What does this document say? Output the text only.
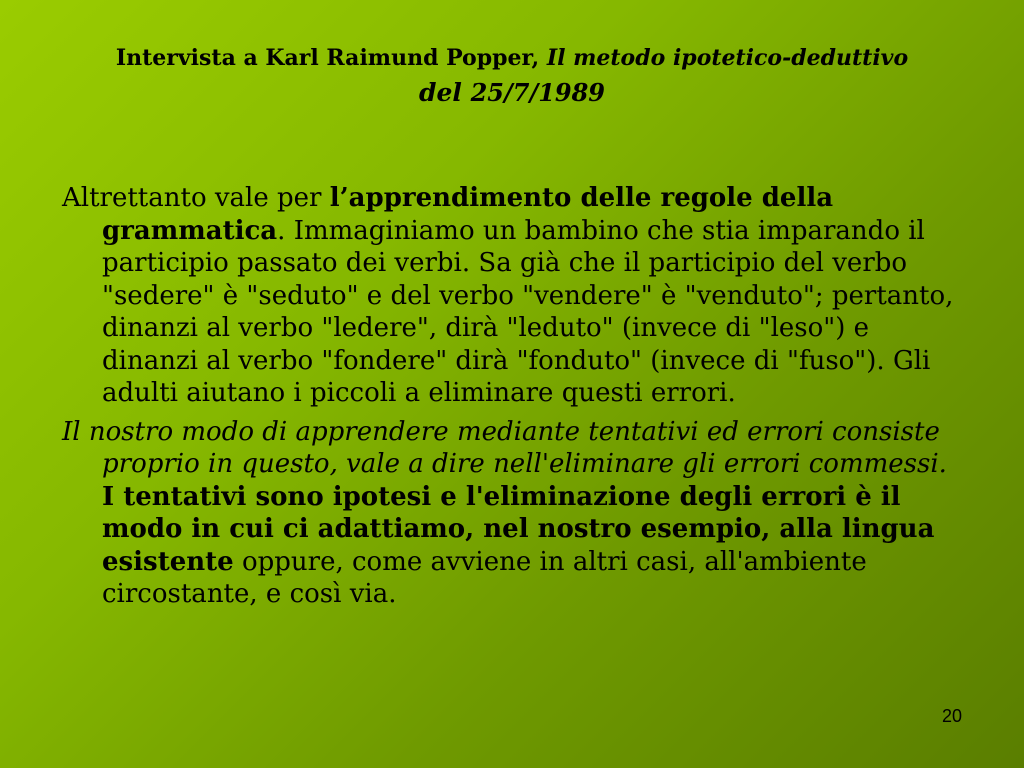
Intervista a Karl Raimund Popper, Il metodo ipotetico-deduttivo
del 25/7/1989

Altrettanto vale per l’apprendimento delle regole della grammatica. Immaginiamo un bambino che stia imparando il participio passato dei verbi. Sa già che il participio del verbo "sedere" è "seduto" e del verbo "vendere" è "venduto"; pertanto, dinanzi al verbo "ledere", dirà "leduto" (invece di "leso") e dinanzi al verbo "fondere" dirà "fonduto" (invece di "fuso"). Gli adulti aiutano i piccoli a eliminare questi errori.

Il nostro modo di apprendere mediante tentativi ed errori consiste proprio in questo, vale a dire nell'eliminare gli errori commessi. I tentativi sono ipotesi e l'eliminazione degli errori è il modo in cui ci adattiamo, nel nostro esempio, alla lingua esistente oppure, come avviene in altri casi, all'ambiente circostante, e così via.

20
